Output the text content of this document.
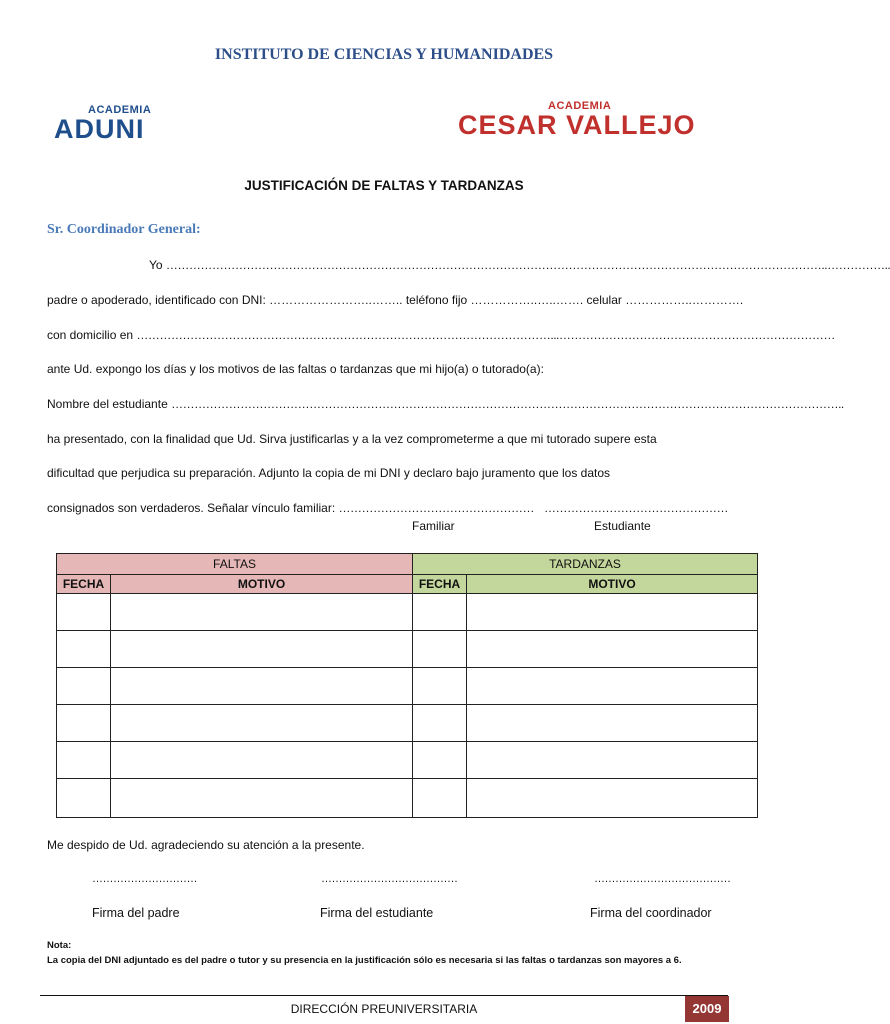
INSTITUTO DE CIENCIAS Y HUMANIDADES
ACADEMIA
ADUNI
ACADEMIA
CESAR VALLEJO
JUSTIFICACIÓN DE FALTAS Y TARDANZAS
Sr. Coordinador General:
Yo ………………………………………………………………………………………………………………………………………………………..……………..
padre o apoderado, identificado con DNI: ……………………..…….. teléfono fijo ……………..…..……. celular ……………..………….
con domicilio en ………………………………………………………………………………………………...………………………………………………………………
ante Ud. expongo los días y los motivos de las faltas o tardanzas que mi hijo(a) o tutorado(a):
Nombre del estudiante …………………………………………………………………………………………………………………………………………………………..
ha presentado, con la finalidad que Ud. Sirva justificarlas y a la vez comprometerme a que mi tutorado supere esta
dificultad que perjudica su preparación. Adjunto la copia de mi DNI y declaro bajo juramento que los datos
consignados son verdaderos. Señalar vínculo familiar: …………………………………………… …………………………………………
Familiar	Estudiante
FALTAS		TARDANZAS	
FECHA	MOTIVO	FECHA	MOTIVO

Me despido de Ud. agradeciendo su atención a la presente.
…………………………	…………………………………	…………………………………
Firma del padre	Firma del estudiante	Firma del coordinador
Nota:
La copia del DNI adjuntado es del padre o tutor y su presencia en la justificación sólo es necesaria si las faltas o tardanzas son mayores a 6.
DIRECCIÓN PREUNIVERSITARIA	2009
